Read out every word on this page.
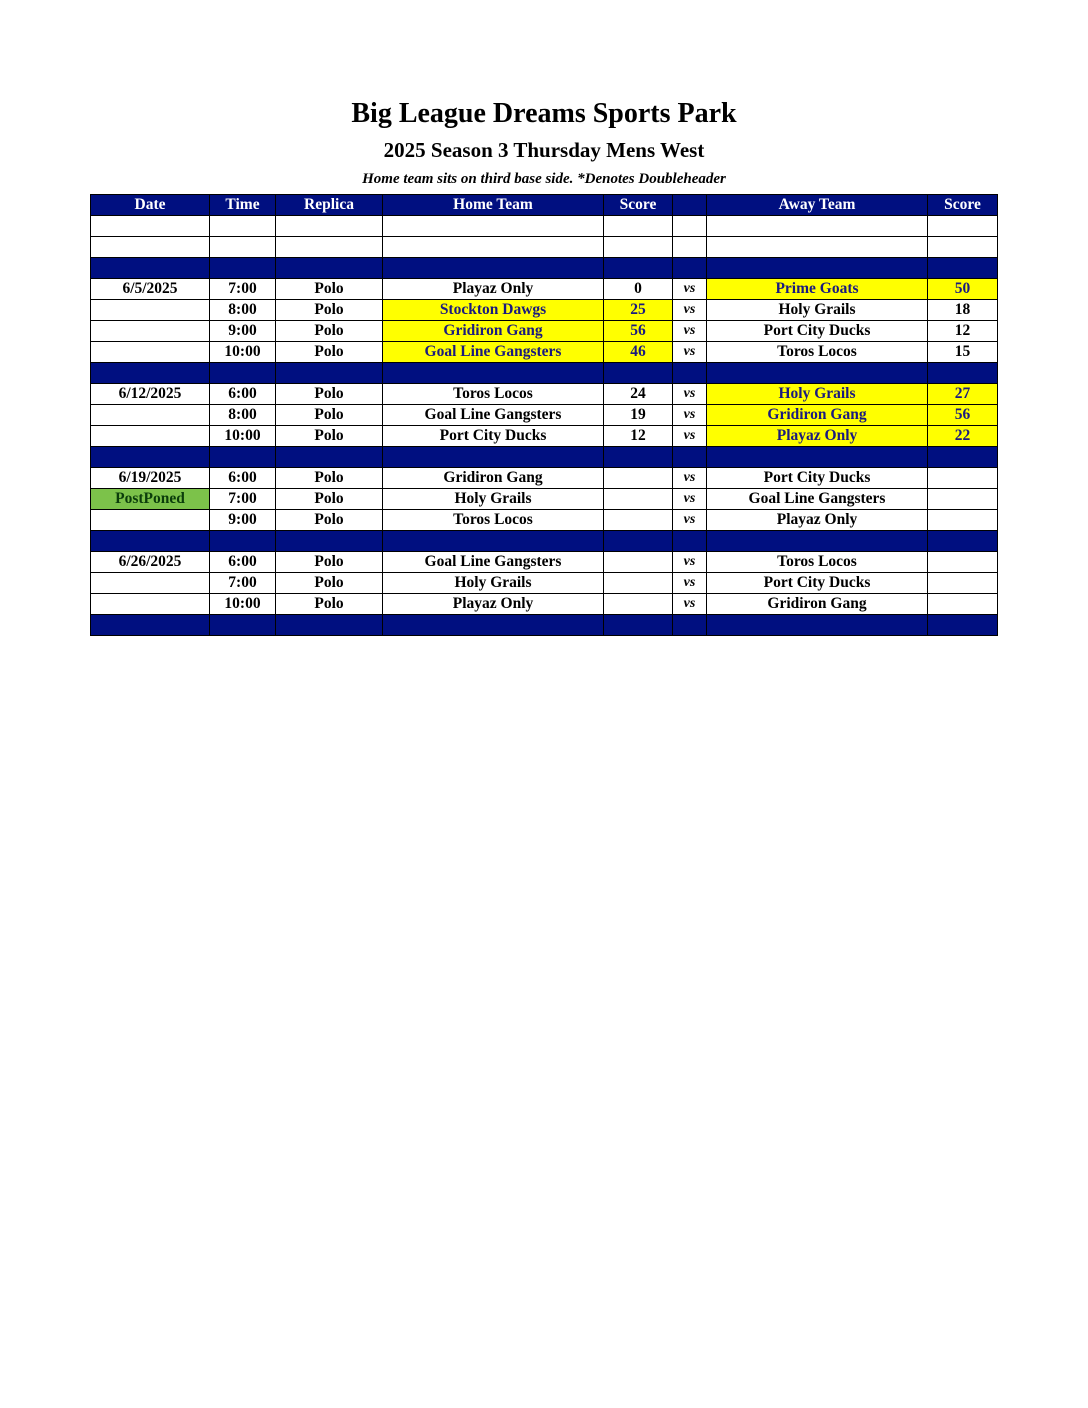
Big League Dreams Sports Park
2025 Season 3 Thursday Mens West
Home team sits on third base side. *Denotes Doubleheader
Date	Time	Replica	Home Team	Score		Away Team	Score

6/5/2025	7:00	Polo	Playaz Only	0	vs	Prime Goats	50
	8:00	Polo	Stockton Dawgs	25	vs	Holy Grails	18
	9:00	Polo	Gridiron Gang	56	vs	Port City Ducks	12
	10:00	Polo	Goal Line Gangsters	46	vs	Toros Locos	15

6/12/2025	6:00	Polo	Toros Locos	24	vs	Holy Grails	27
	8:00	Polo	Goal Line Gangsters	19	vs	Gridiron Gang	56
	10:00	Polo	Port City Ducks	12	vs	Playaz Only	22

6/19/2025	6:00	Polo	Gridiron Gang		vs	Port City Ducks	
PostPoned	7:00	Polo	Holy Grails		vs	Goal Line Gangsters	
	9:00	Polo	Toros Locos		vs	Playaz Only	

6/26/2025	6:00	Polo	Goal Line Gangsters		vs	Toros Locos	
	7:00	Polo	Holy Grails		vs	Port City Ducks	
	10:00	Polo	Playaz Only		vs	Gridiron Gang	
